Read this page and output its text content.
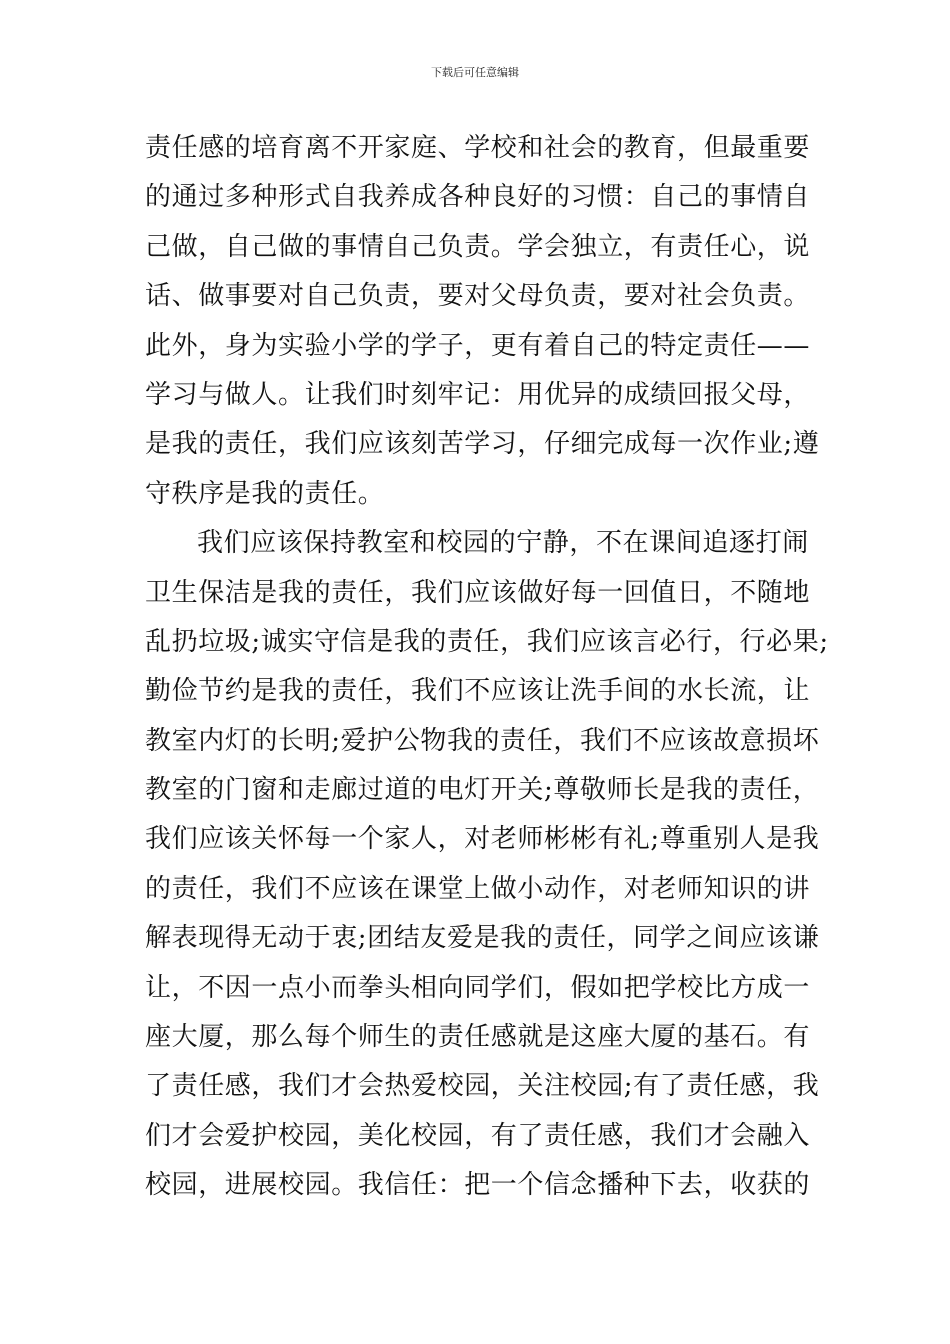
下载后可任意编辑
责任感的培育离不开家庭、学校和社会的教育，但最重要
的通过多种形式自我养成各种良好的习惯：自己的事情自
己做，自己做的事情自己负责。学会独立，有责任心，说
话、做事要对自己负责，要对父母负责，要对社会负责。
此外，身为实验小学的学子，更有着自己的特定责任——
学习与做人。让我们时刻牢记：用优异的成绩回报父母，
是我的责任，我们应该刻苦学习，仔细完成每一次作业;遵
守秩序是我的责任。
我们应该保持教室和校园的宁静，不在课间追逐打闹
卫生保洁是我的责任，我们应该做好每一回值日，不随地
乱扔垃圾;诚实守信是我的责任，我们应该言必行，行必果;
勤俭节约是我的责任，我们不应该让洗手间的水长流，让
教室内灯的长明;爱护公物我的责任，我们不应该故意损坏
教室的门窗和走廊过道的电灯开关;尊敬师长是我的责任，
我们应该关怀每一个家人，对老师彬彬有礼;尊重别人是我
的责任，我们不应该在课堂上做小动作，对老师知识的讲
解表现得无动于衷;团结友爱是我的责任，同学之间应该谦
让，不因一点小而拳头相向同学们，假如把学校比方成一
座大厦，那么每个师生的责任感就是这座大厦的基石。有
了责任感，我们才会热爱校园，关注校园;有了责任感，我
们才会爱护校园，美化校园，有了责任感，我们才会融入
校园，进展校园。我信任：把一个信念播种下去，收获的
